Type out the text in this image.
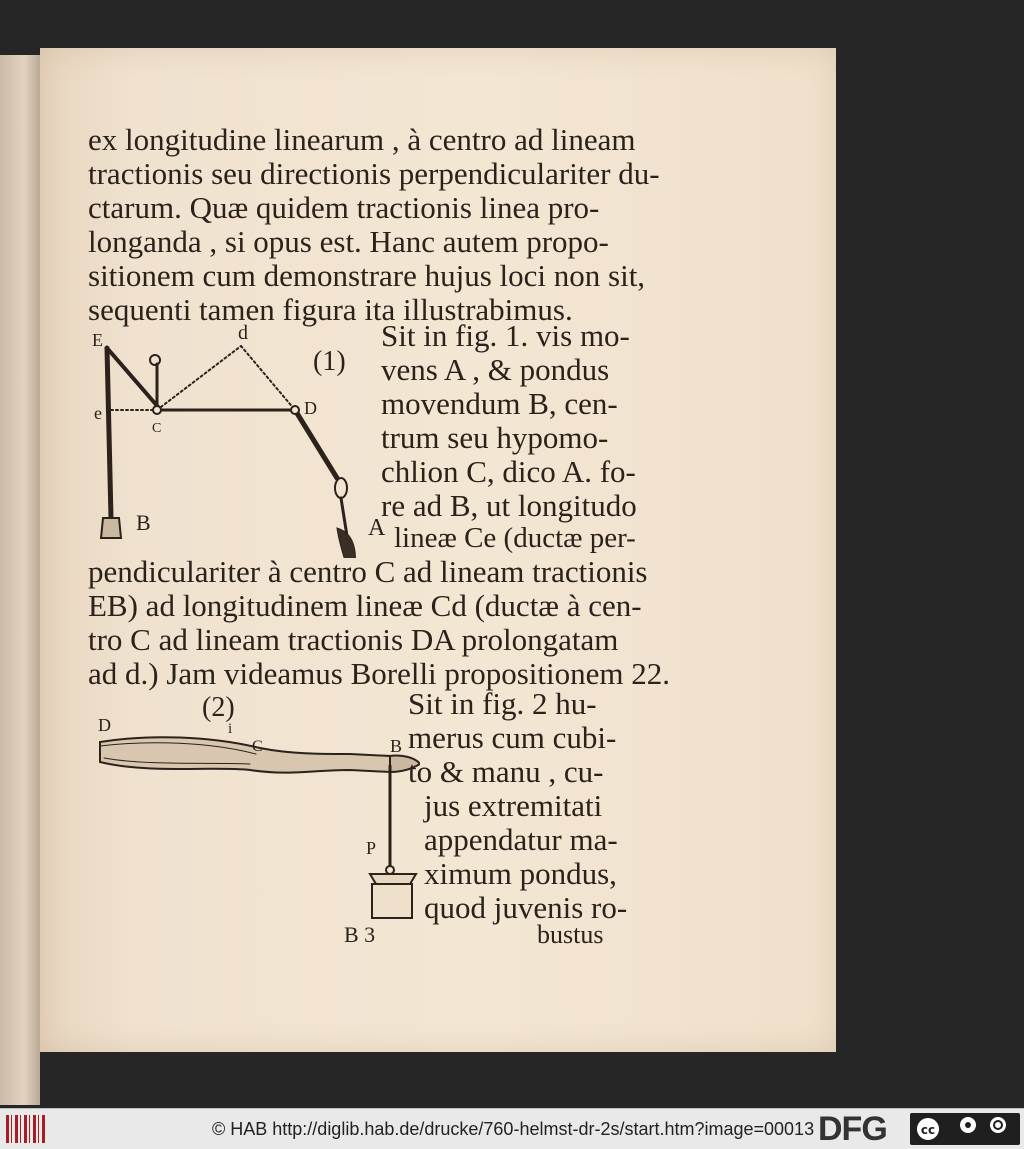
ex longitudine linearum , à centro ad lineam
tractionis seu directionis perpendiculariter du-
ctarum. Quæ quidem tractionis linea pro-
longanda , si opus est. Hanc autem propo-
sitionem cum demonstrare hujus loci non sit,
sequenti tamen figura ita illustrabimus.
E	d
(1)
D
e
C
B	A
Sit in fig. 1. vis mo-
vens A , & pondus
movendum B, cen-
trum seu hypomo-
chlion C, dico A. fo-
re ad B, ut longitudo
lineæ Ce (ductæ per-
pendiculariter à centro C ad lineam tractionis
EB) ad longitudinem lineæ Cd (ductæ à cen-
tro C ad lineam tractionis DA prolongatam
ad d.) Jam videamus Borelli propositionem 22.
(2)
D	i
C	B
P
Sit in fig. 2 hu-
merus cum cubi-
to & manu , cu-
jus extremitati
appendatur ma-
ximum pondus,
quod juvenis ro-
B 3	bustus
© HAB http://diglib.hab.de/drucke/760-helmst-dr-2s/start.htm?image=00013 DFG	cc
